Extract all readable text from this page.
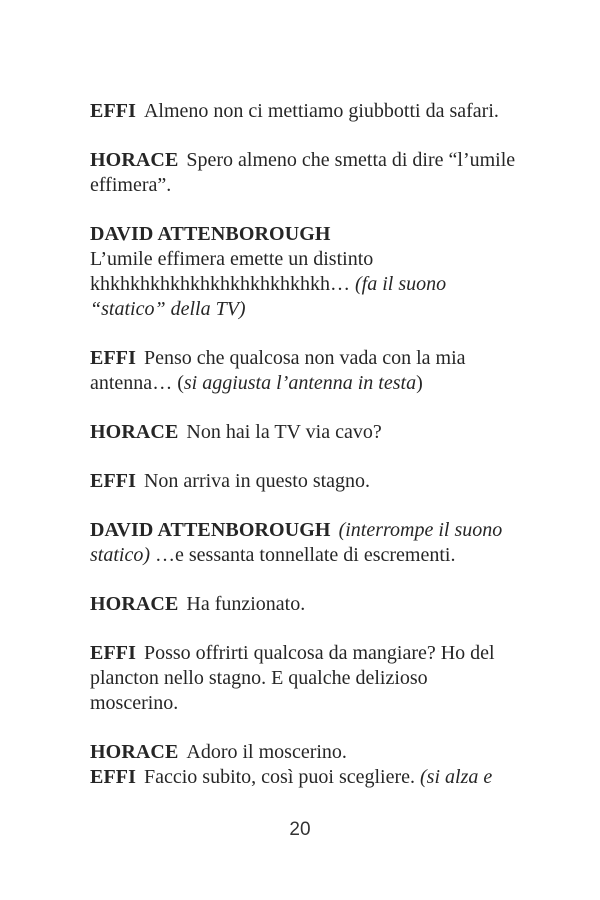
EFFI Almeno non ci mettiamo giubbotti da safari.

HORACE Spero almeno che smetta di dire “l’umile effimera”.

DAVID ATTENBOROUGH
L’umile effimera emette un distinto khkhkhkhkhkhkhkhkhkhkhkh… (fa il suono “statico” della TV)

EFFI Penso che qualcosa non vada con la mia antenna… (si aggiusta l’antenna in testa)

HORACE Non hai la TV via cavo?

EFFI Non arriva in questo stagno.

DAVID ATTENBOROUGH (interrompe il suono statico) …e sessanta tonnellate di escrementi.

HORACE Ha funzionato.

EFFI Posso offrirti qualcosa da mangiare? Ho del plancton nello stagno. E qualche delizioso moscerino.

HORACE Adoro il moscerino.

EFFI Faccio subito, così puoi scegliere. (si alza e

20
